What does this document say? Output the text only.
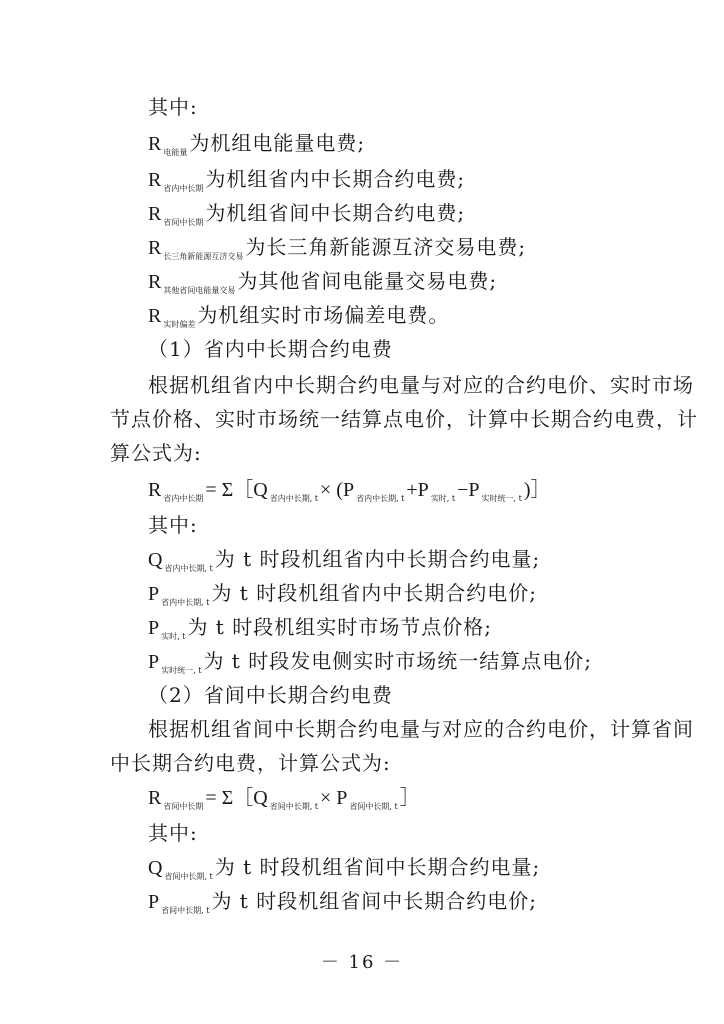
其中:
R $_{电能量}$ 为机组电能量电费;
R $_{省内中长期}$ 为机组省内中长期合约电费;
R $_{省间中长期}$ 为机组省间中长期合约电费;
R $_{长三角新能源互济交易}$ 为长三角新能源互济交易电费;
R $_{其他省间电能量交易}$ 为其他省间电能量交易电费;
R $_{实时偏差}$ 为机组实时市场偏差电费。
（1）省内中长期合约电费
根据机组省内中长期合约电量与对应的合约电价、实时市场
节点价格、实时市场统一结算点电价，计算中长期合约电费，计
算公式为:
R $_{省内中长期}$ = Σ［Q $_{省内中长期, t}$ × (P $_{省内中长期, t}$ +P $_{实时, t}$ −P $_{实时统一, t}$ )］
其中:
Q $_{省内中长期, t}$ 为 t 时段机组省内中长期合约电量;
P $_{省内中长期, t}$ 为 t 时段机组省内中长期合约电价;
P $_{实时, t}$ 为 t 时段机组实时市场节点价格;
P $_{实时统一, t}$ 为 t 时段发电侧实时市场统一结算点电价;
（2）省间中长期合约电费
根据机组省间中长期合约电量与对应的合约电价，计算省间
中长期合约电费，计算公式为:
R $_{省间中长期}$ = Σ［Q $_{省间中长期, t}$ × P $_{省间中长期, t}$ ］
其中:
Q $_{省间中长期, t}$ 为 t 时段机组省间中长期合约电量;
P $_{省间中长期, t}$ 为 t 时段机组省间中长期合约电价;
－ 16 －
